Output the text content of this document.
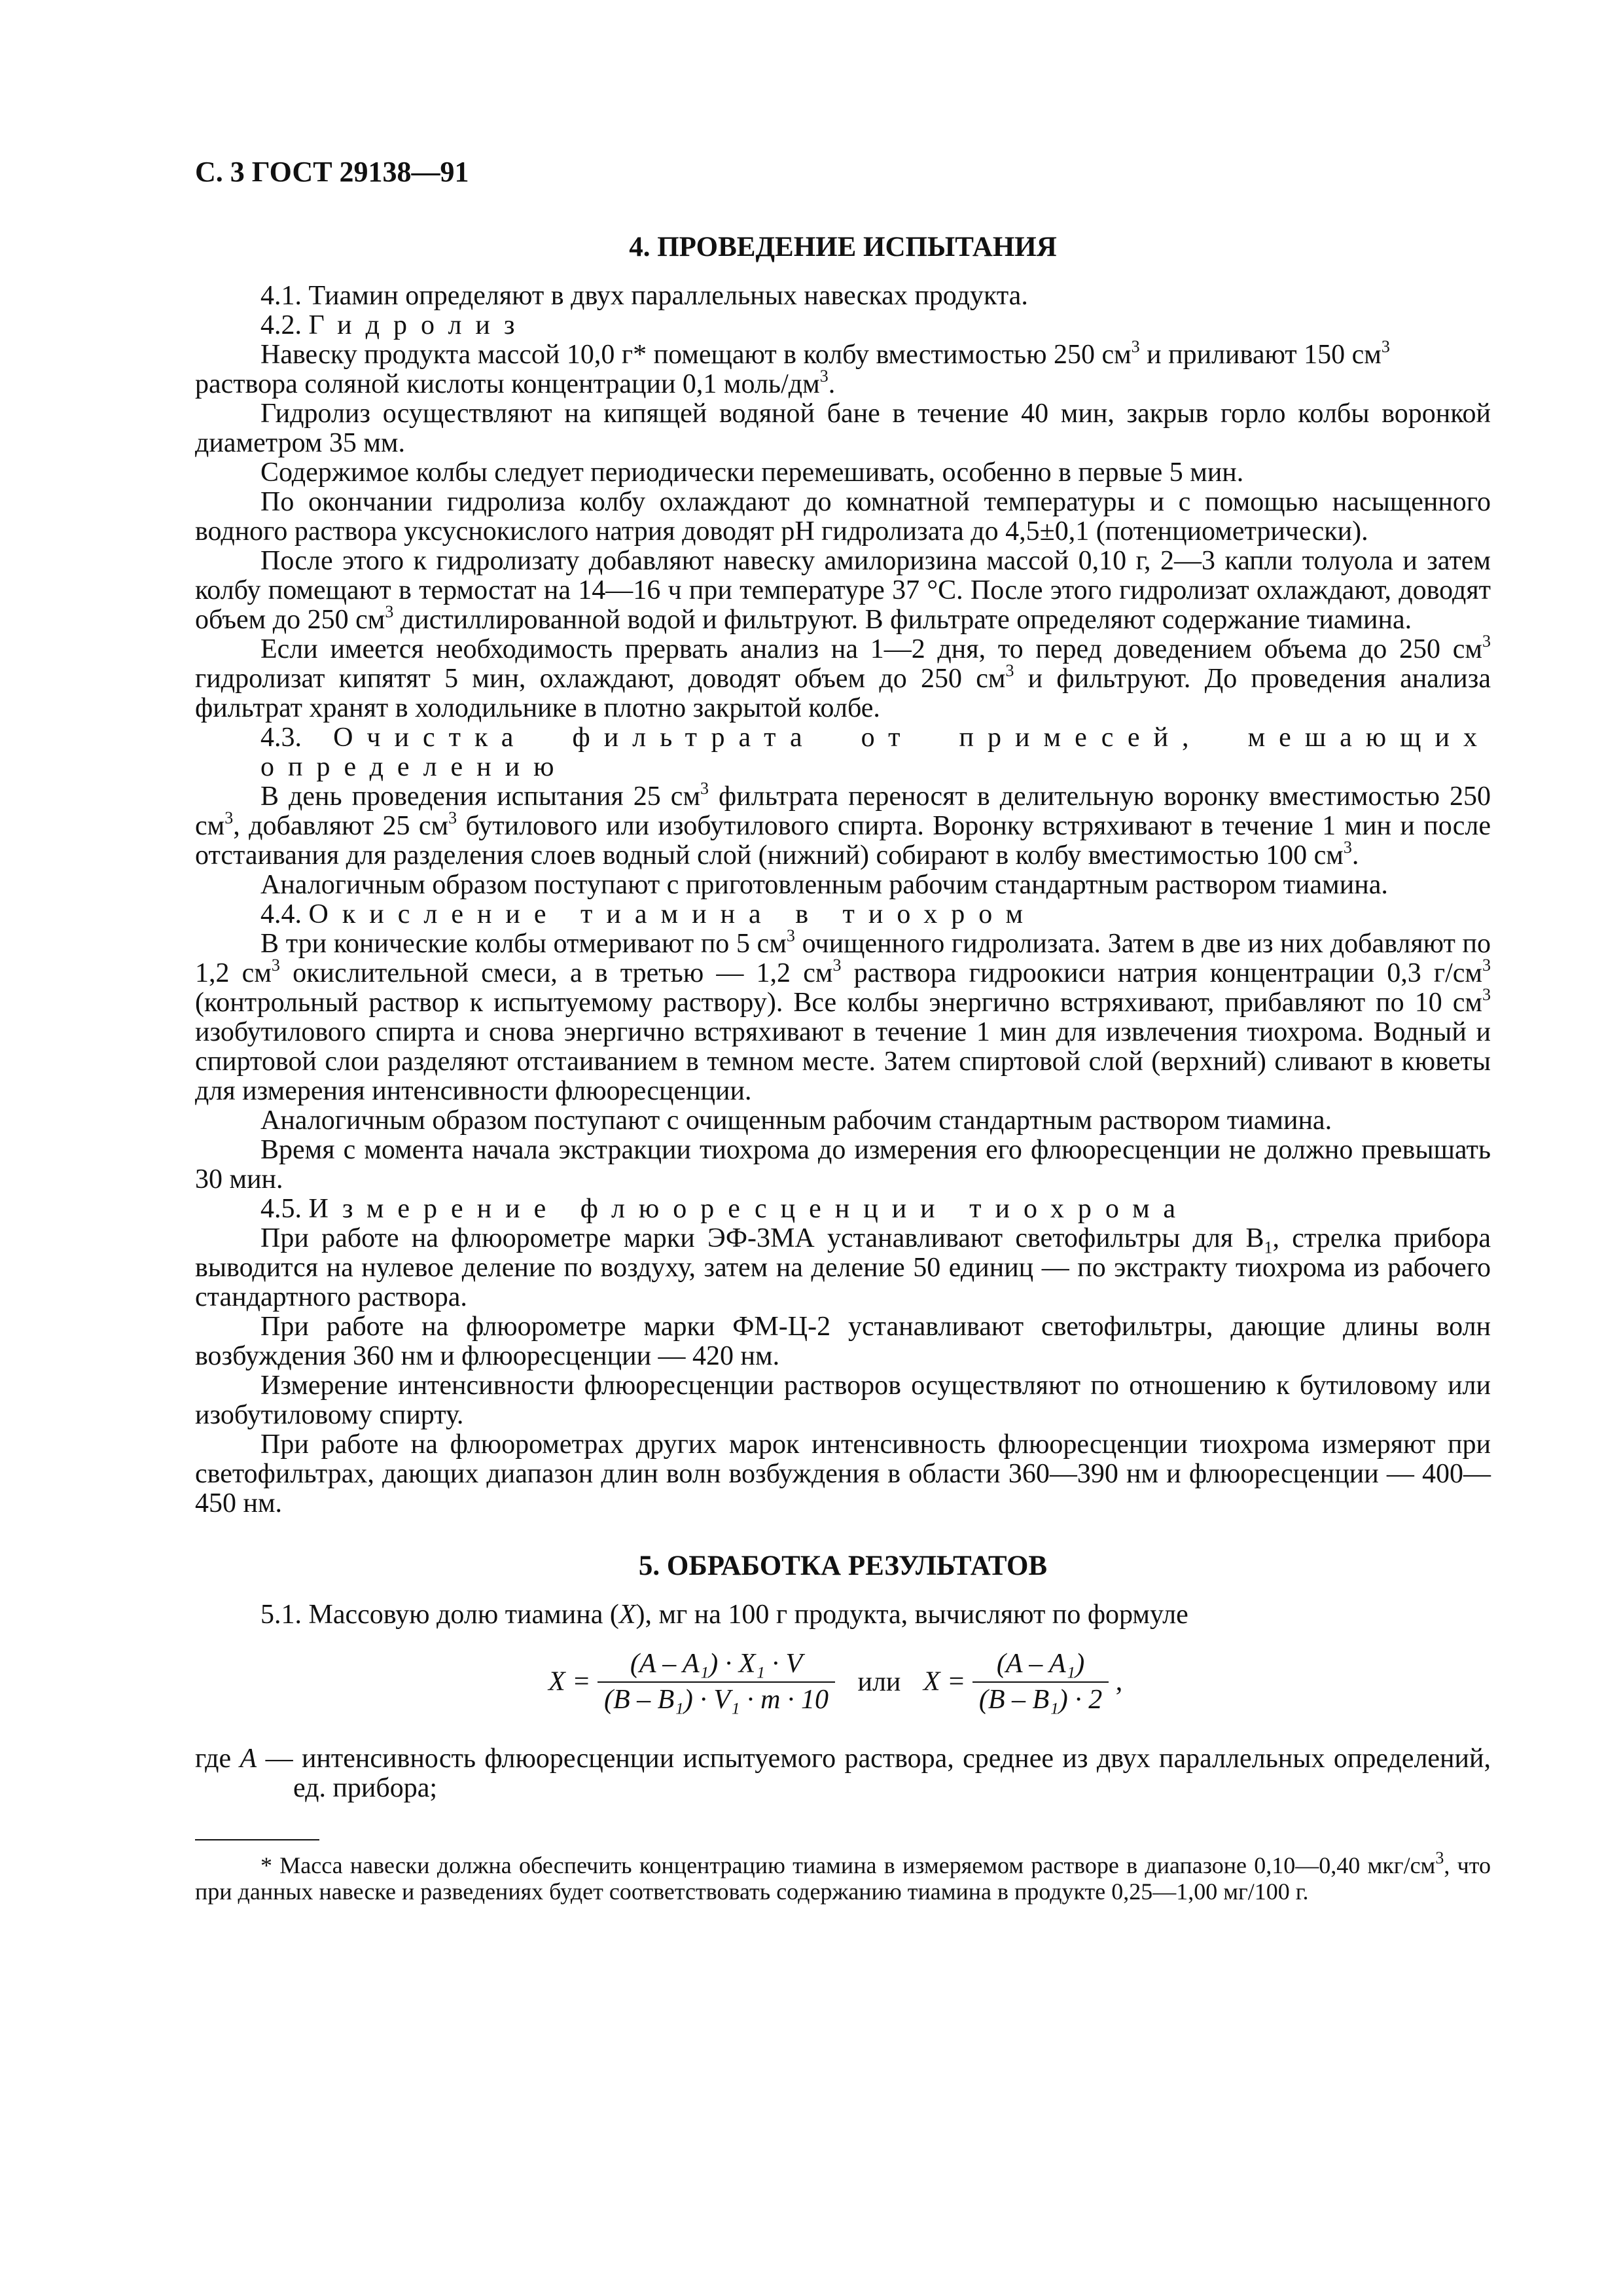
С. 3 ГОСТ 29138—91
4. ПРОВЕДЕНИЕ ИСПЫТАНИЯ

4.1. Тиамин определяют в двух параллельных навесках продукта.

4.2. Гидролиз

Навеску продукта массой 10,0 г* помещают в колбу вместимостью 250 $см^3$ и приливают 150 $см^3$

раствора соляной кислоты концентрации 0,1 моль/$дм^3$.

Гидролиз осуществляют на кипящей водяной бане в течение 40 мин, закрыв горло колбы воронкой диаметром 35 мм.

Содержимое колбы следует периодически перемешивать, особенно в первые 5 мин.

По окончании гидролиза колбу охлаждают до комнатной температуры и с помощью насыщенного водного раствора уксуснокислого натрия доводят pH гидролизата до 4,5±0,1 (потенциометрически).

После этого к гидролизату добавляют навеску амилоризина массой 0,10 г, 2—3 капли толуола и затем колбу помещают в термостат на 14—16 ч при температуре 37 °С. После этого гидролизат охлаждают, доводят объем до 250 $см^3$ дистиллированной водой и фильтруют. В фильтрате определяют содержание тиамина.

Если имеется необходимость прервать анализ на 1—2 дня, то перед доведением объема до 250 $см^3$ гидролизат кипятят 5 мин, охлаждают, доводят объем до 250 $см^3$ и фильтруют. До проведения анализа фильтрат хранят в холодильнике в плотно закрытой колбе.

4.3. Очистка фильтрата от примесей, мешающих определению

В день проведения испытания 25 $см^3$ фильтрата переносят в делительную воронку вместимостью 250 $см^3$, добавляют 25 $см^3$ бутилового или изобутилового спирта. Воронку встряхивают в течение 1 мин и после отстаивания для разделения слоев водный слой (нижний) собирают в колбу вместимостью 100 $см^3$.

Аналогичным образом поступают с приготовленным рабочим стандартным раствором тиамина.

4.4. Окисление тиамина в тиохром

В три конические колбы отмеривают по 5 $см^3$ очищенного гидролизата. Затем в две из них добавляют по 1,2 $см^3$ окислительной смеси, а в третью — 1,2 $см^3$ раствора гидроокиси натрия концентрации 0,3 $г/см^3$ (контрольный раствор к испытуемому раствору). Все колбы энергично встряхивают, прибавляют по 10 $см^3$ изобутилового спирта и снова энергично встряхивают в течение 1 мин для извлечения тиохрома. Водный и спиртовой слои разделяют отстаиванием в темном месте. Затем спиртовой слой (верхний) сливают в кюветы для измерения интенсивности флюоресценции.

Аналогичным образом поступают с очищенным рабочим стандартным раствором тиамина.

Время с момента начала экстракции тиохрома до измерения его флюоресценции не должно превышать 30 мин.

4.5. Измерение флюоресценции тиохрома

При работе на флюорометре марки ЭФ-3МА устанавливают светофильтры для $В_1$, стрелка прибора выводится на нулевое деление по воздуху, затем на деление 50 единиц — по экстракту тиохрома из рабочего стандартного раствора.

При работе на флюорометре марки ФМ-Ц-2 устанавливают светофильтры, дающие длины волн возбуждения 360 нм и флюоресценции — 420 нм.

Измерение интенсивности флюоресценции растворов осуществляют по отношению к бутиловому или изобутиловому спирту.

При работе на флюорометрах других марок интенсивность флюоресценции тиохрома измеряют при светофильтрах, дающих диапазон длин волн возбуждения в области 360—390 нм и флюоресценции — 400—450 нм.

5. ОБРАБОТКА РЕЗУЛЬТАТОВ

5.1. Массовую долю тиамина (X), мг на 100 г продукта, вычисляют по формуле

$X = \frac{\text{(A – A₁) · X₁ · V}}{\text{(B – B₁) · V₁ · m · 10}}$ или $X = \frac{\text{(A – A₁)}}{\text{(B – B₁) · 2}}$ ,

где A — интенсивность флюоресценции испытуемого раствора, среднее из двух параллельных определений, ед. прибора;

* Масса навески должна обеспечить концентрацию тиамина в измеряемом растворе в диапазоне 0,10—0,40 мкг/$см^3$, что при данных навеске и разведениях будет соответствовать содержанию тиамина в продукте 0,25—1,00 мг/100 г.
